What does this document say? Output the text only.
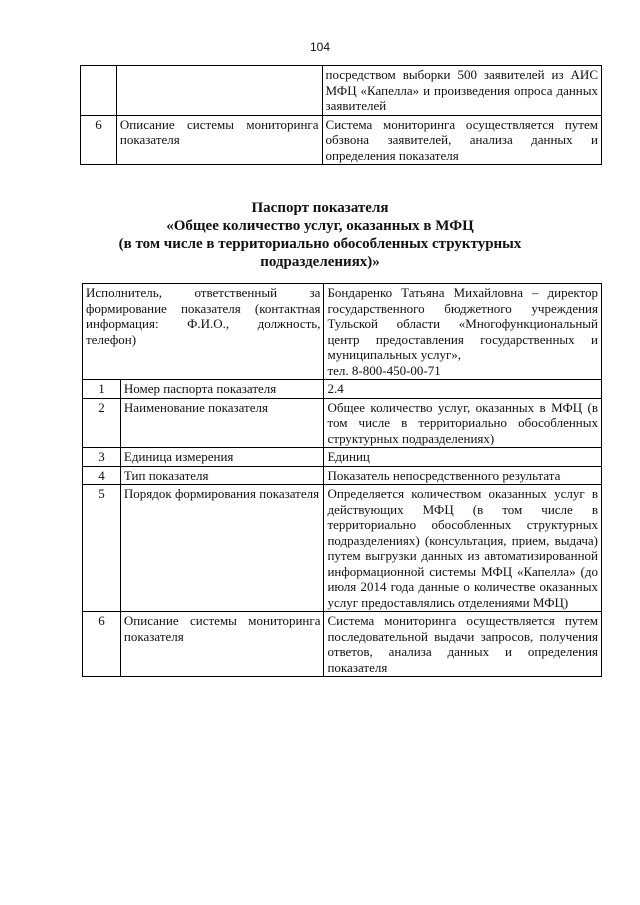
104
		посредством выборки 500 заявителей из АИС МФЦ «Капелла» и произведения опроса данных заявителей
6	Описание системы мониторинга показателя	Система мониторинга осуществляется путем обзвона заявителей, анализа данных и определения показателя
Паспорт показателя
«Общее количество услуг, оказанных в МФЦ
(в том числе в территориально обособленных структурных
подразделениях)»
Исполнитель, ответственный за формирование показателя (контактная информация: Ф.И.О., должность, телефон)		Бондаренко Татьяна Михайловна – директор государственного бюджетного учреждения Тульской области «Многофункциональный центр предоставления государственных и муниципальных услуг»,
тел. 8-800-450-00-71

1	Номер паспорта показателя	2.4
2	Наименование показателя	Общее количество услуг, оказанных в МФЦ (в том числе в территориально обособленных структурных подразделениях)
3	Единица измерения	Единиц
4	Тип показателя	Показатель непосредственного результата
5	Порядок формирования показателя	Определяется количеством оказанных услуг в действующих МФЦ (в том числе в территориально обособленных структурных подразделениях) (консультация, прием, выдача) путем выгрузки данных из автоматизированной информационной системы МФЦ «Капелла» (до июля 2014 года данные о количестве оказанных услуг предоставлялись отделениями МФЦ)
6	Описание системы мониторинга показателя	Система мониторинга осуществляется путем последовательной выдачи запросов, получения ответов, анализа данных и определения показателя
